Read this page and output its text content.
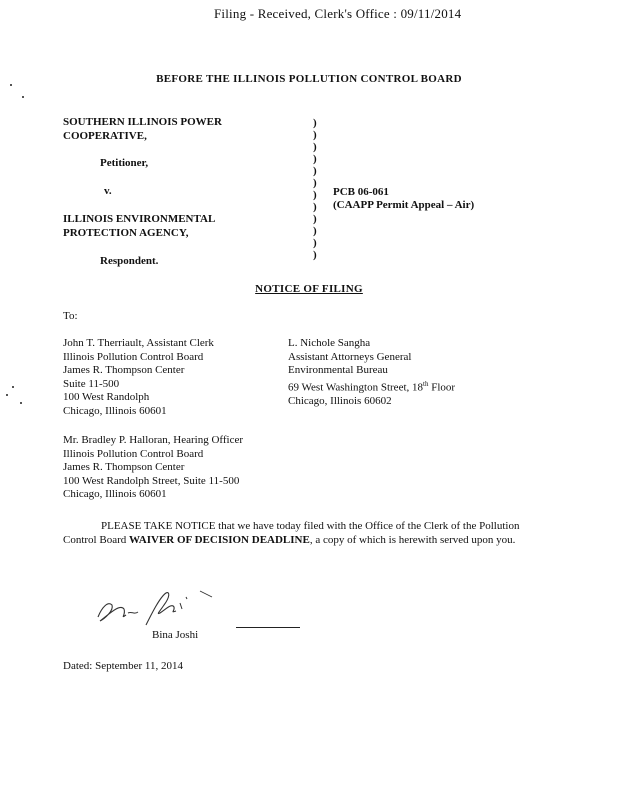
Filing - Received, Clerk's Office : 09/11/2014
BEFORE THE ILLINOIS POLLUTION CONTROL BOARD
SOUTHERN ILLINOIS POWER
COOPERATIVE,
Petitioner,
v.
ILLINOIS ENVIRONMENTAL
PROTECTION AGENCY,
Respondent.
)
)
)
)
)
)
)
)
)
)
)
)
PCB 06-061
(CAAPP Permit Appeal – Air)
NOTICE OF FILING
To:
John T. Therriault, Assistant Clerk
Illinois Pollution Control Board
James R. Thompson Center
Suite 11-500
100 West Randolph
Chicago, Illinois 60601
L. Nichole Sangha
Assistant Attorneys General
Environmental Bureau
69 West Washington Street, 18th Floor
Chicago, Illinois 60602
Mr. Bradley P. Halloran, Hearing Officer
Illinois Pollution Control Board
James R. Thompson Center
100 West Randolph Street, Suite 11-500
Chicago, Illinois 60601
PLEASE TAKE NOTICE that we have today filed with the Office of the Clerk of the Pollution Control Board WAIVER OF DECISION DEADLINE, a copy of which is herewith served upon you.
Bina Joshi
Dated: September 11, 2014
